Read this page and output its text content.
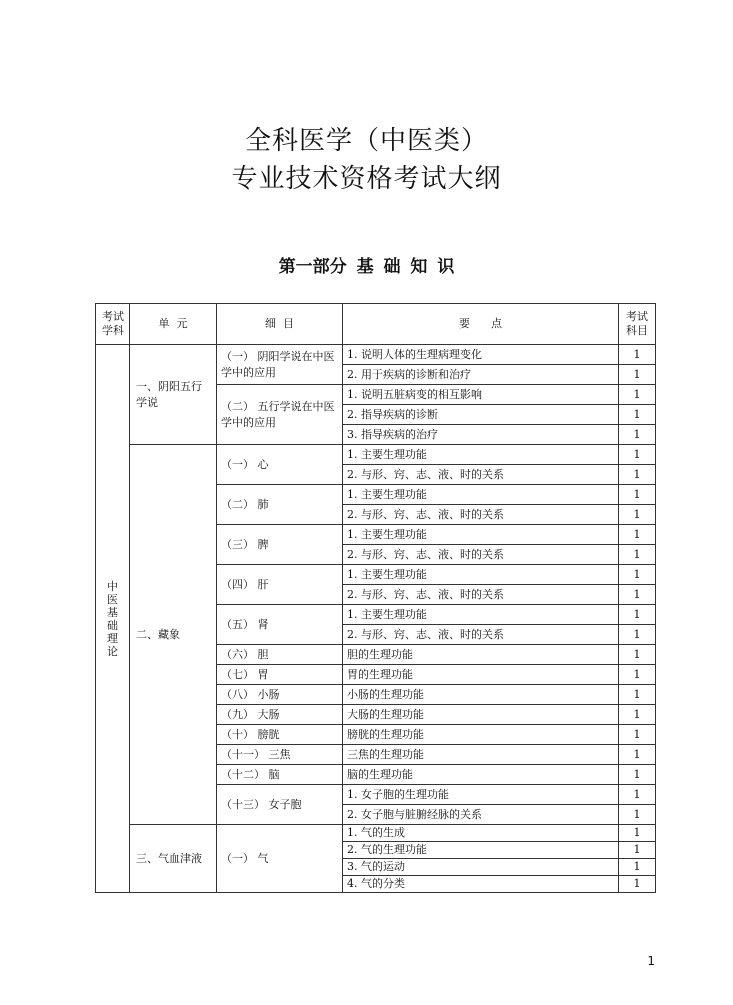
全科医学（中医类）
专业技术资格考试大纲
第一部分 基 础 知 识
考试学科	单  元	细  目	要      点	考试科目

中医基础理论	一、阴阳五行学说	（一） 阴阳学说在中医学中的应用	1. 说明人体的生理病理变化	1
			2. 用于疾病的诊断和治疗	1
		（二） 五行学说在中医学中的应用	1. 说明五脏病变的相互影响	1
			2. 指导疾病的诊断	1
			3. 指导疾病的治疗	1
	二、藏象	（一） 心	1. 主要生理功能	1
			2. 与形、窍、志、液、时的关系	1
		（二） 肺	1. 主要生理功能	1
			2. 与形、窍、志、液、时的关系	1
		（三） 脾	1. 主要生理功能	1
			2. 与形、窍、志、液、时的关系	1
		（四） 肝	1. 主要生理功能	1
			2. 与形、窍、志、液、时的关系	1
		（五） 肾	1. 主要生理功能	1
			2. 与形、窍、志、液、时的关系	1
		（六） 胆	胆的生理功能	1
		（七） 胃	胃的生理功能	1
		（八） 小肠	小肠的生理功能	1
		（九） 大肠	大肠的生理功能	1
		（十） 膀胱	膀胱的生理功能	1
		（十一） 三焦	三焦的生理功能	1
		（十二） 脑	脑的生理功能	1
		（十三） 女子胞	1. 女子胞的生理功能	1
			2. 女子胞与脏腑经脉的关系	1
	三、气血津液	（一） 气	1. 气的生成	1
			2. 气的生理功能	1
			3. 气的运动	1
			4. 气的分类	1
1
